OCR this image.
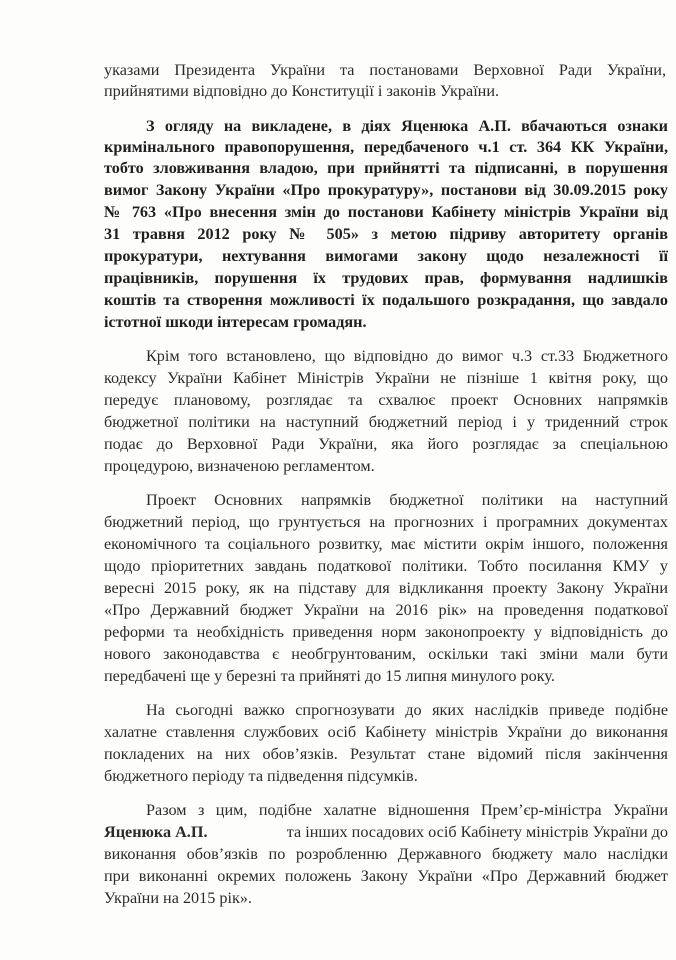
указами Президента України та постановами Верховної Ради України,
прийнятими відповідно до Конституції і законів України.
З огляду на викладене, в діях Яценюка А.П. вбачаються ознаки
кримінального правопорушення, передбаченого ч.1 ст. 364 КК України,
тобто зловживання владою, при прийнятті та підписанні, в порушення
вимог Закону України «Про прокуратуру», постанови від 30.09.2015 року
№ 763 «Про внесення змін до постанови Кабінету міністрів України від
31 травня 2012 року № 505» з метою підриву авторитету органів
прокуратури, нехтування вимогами закону щодо незалежності її
працівників, порушення їх трудових прав, формування надлишків
коштів та створення можливості їх подальшого розкрадання, що завдало
істотної шкоди інтересам громадян.
Крім того встановлено, що відповідно до вимог ч.3 ст.33 Бюджетного
кодексу України Кабінет Міністрів України не пізніше 1 квітня року, що
передує плановому, розглядає та схвалює проект Основних напрямків
бюджетної політики на наступний бюджетний період і у триденний строк
подає до Верховної Ради України, яка його розглядає за спеціальною
процедурою, визначеною регламентом.
Проект Основних напрямків бюджетної політики на наступний
бюджетний період, що грунтується на прогнозних і програмних документах
економічного та соціального розвитку, має містити окрім іншого, положення
щодо пріоритетних завдань податкової політики. Тобто посилання КМУ у
вересні 2015 року, як на підставу для відкликання проекту Закону України
«Про Державний бюджет України на 2016 рік» на проведення податкової
реформи та необхідність приведення норм законопроекту у відповідність до
нового законодавства є необгрунтованим, оскільки такі зміни мали бути
передбачені ще у березні та прийняті до 15 липня минулого року.
На сьогодні важко спрогнозувати до яких наслідків приведе подібне
халатне ставлення службових осіб Кабінету міністрів України до виконання
покладених на них обов’язків. Результат стане відомий після закінчення
бюджетного періоду та підведення підсумків.
Разом з цим, подібне халатне відношення Прем’єр-міністра України
Яценюка А.П.	та інших посадових осіб Кабінету міністрів України до
виконання обов’язків по розробленню Державного бюджету мало наслідки
при виконанні окремих положень Закону України «Про Державний бюджет
України на 2015 рік».
